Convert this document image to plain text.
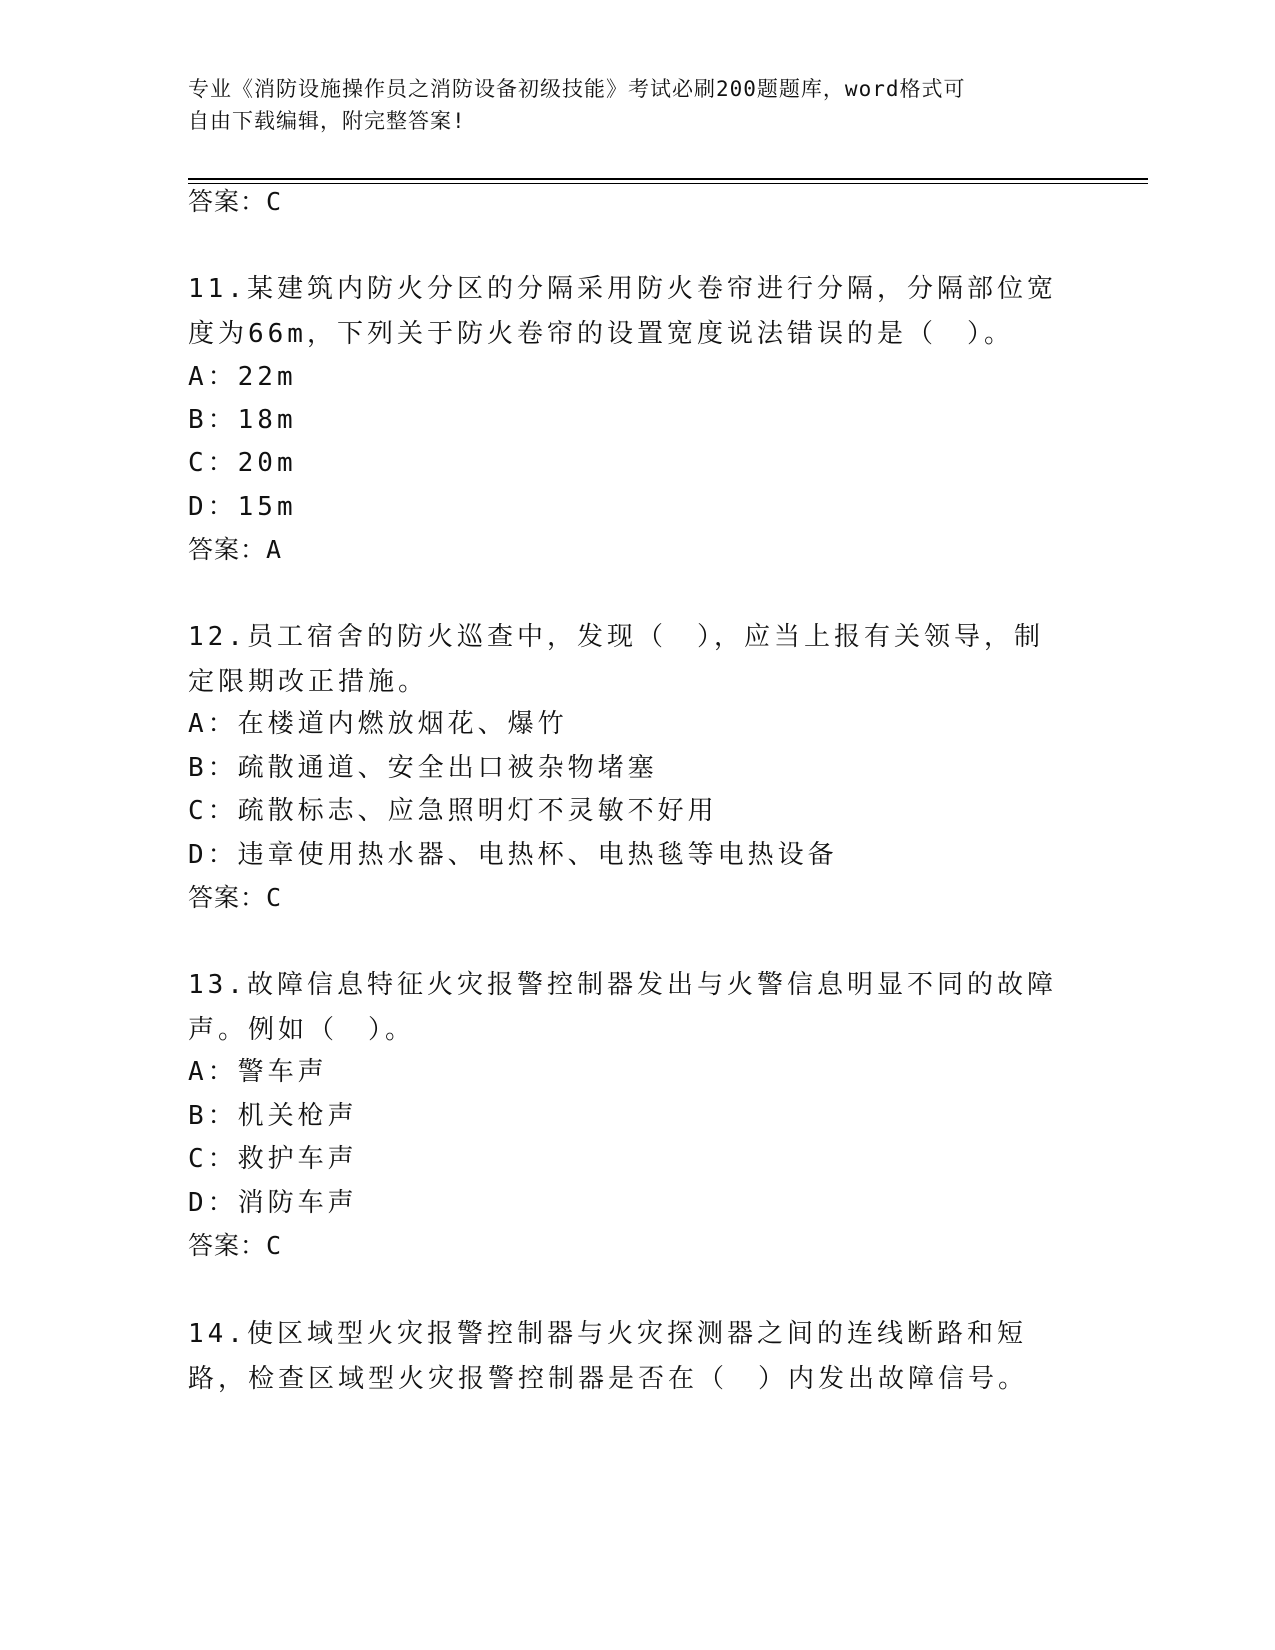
专业《消防设施操作员之消防设备初级技能》考试必刷200题题库，word格式可
自由下载编辑，附完整答案!
答案：C
11.某建筑内防火分区的分隔采用防火卷帘进行分隔，分隔部位宽度为66m，下列关于防火卷帘的设置宽度说法错误的是（　）。
A：22m
B：18m
C：20m
D：15m
答案：A
12.员工宿舍的防火巡查中，发现（　），应当上报有关领导，制定限期改正措施。
A：在楼道内燃放烟花、爆竹
B：疏散通道、安全出口被杂物堵塞
C：疏散标志、应急照明灯不灵敏不好用
D：违章使用热水器、电热杯、电热毯等电热设备
答案：C
13.故障信息特征火灾报警控制器发出与火警信息明显不同的故障声。例如（　）。
A：警车声
B：机关枪声
C：救护车声
D：消防车声
答案：C
14.使区域型火灾报警控制器与火灾探测器之间的连线断路和短路，检查区域型火灾报警控制器是否在（　）内发出故障信号。
